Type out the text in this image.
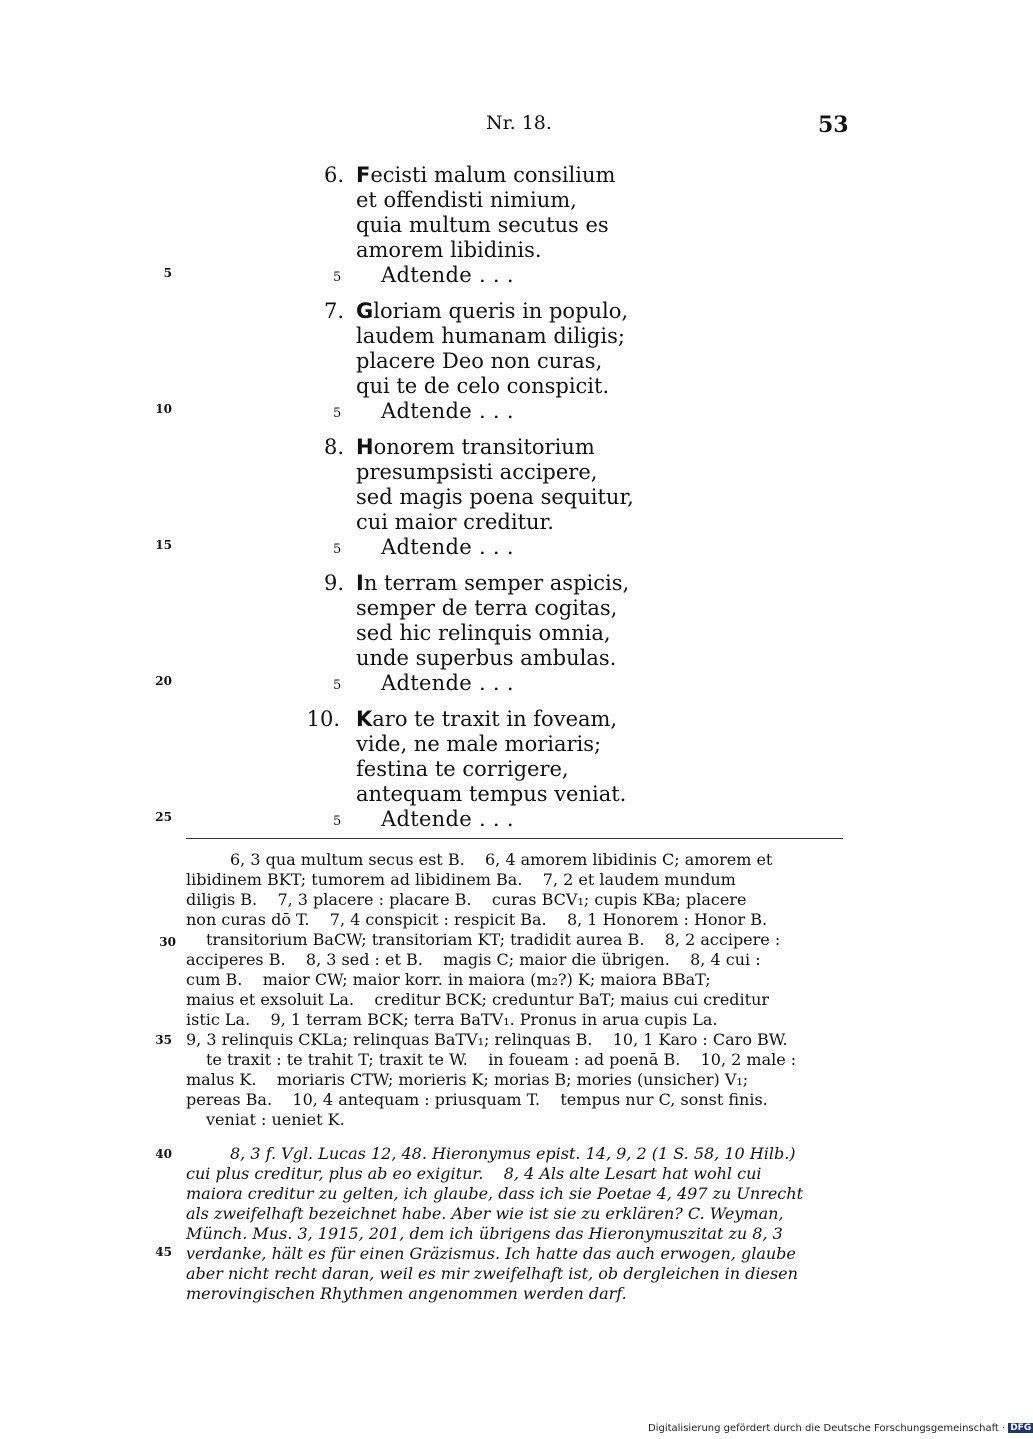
Nr. 18.	53
6. Fecisti malum consilium
et offendisti nimium,
quia multum secutus es
amorem libidinis.
5 Adtende . . .
7. Gloriam queris in populo,
laudem humanam diligis;
placere Deo non curas,
qui te de celo conspicit.
5 Adtende . . .
8. Honorem transitorium
presumpsisti accipere,
sed magis poena sequitur,
cui maior creditur.
5 Adtende . . .
9. In terram semper aspicis,
semper de terra cogitas,
sed hic relinquis omnia,
unde superbus ambulas.
5 Adtende . . .
10. Karo te traxit in foveam,
vide, ne male moriaris;
festina te corrigere,
antequam tempus veniat.
5 Adtende . . .
5
10
15
20
25
30
35
40
45
6, 3 qua multum secus est B.    6, 4 amorem libidinis C; amorem et
libidinem BKT; tumorem ad libidinem Ba.    7, 2 et laudem mundum
diligis B.    7, 3 placere : placare B.    curas BCV₁; cupis KBa; placere
non curas dō T.    7, 4 conspicit : respicit Ba.    8, 1 Honorem : Honor B.
transitorium BaCW; transitoriam KT; tradidit aurea B.    8, 2 accipere :
acciperes B.    8, 3 sed : et B.    magis C; maior die übrigen.    8, 4 cui :
cum B.    maior CW; maior korr. in maiora (m₂?) K; maiora BBaT;
maius et exsoluit La.    creditur BCK; creduntur BaT; maius cui creditur
istic La.    9, 1 terram BCK; terra BaTV₁. Pronus in arua cupis La.
9, 3 relinquis CKLa; relinquas BaTV₁; relinquas B.    10, 1 Karo : Caro BW.
te traxit : te trahit T; traxit te W.    in foueam : ad poenā B.    10, 2 male :
malus K.    moriaris CTW; morieris K; morias B; mories (unsicher) V₁;
pereas Ba.    10, 4 antequam : priusquam T.    tempus nur C, sonst finis.
veniat : ueniet K.
8, 3 f. Vgl. Lucas 12, 48. Hieronymus epist. 14, 9, 2 (1 S. 58, 10 Hilb.)
cui plus creditur, plus ab eo exigitur.    8, 4 Als alte Lesart hat wohl cui
maiora creditur zu gelten, ich glaube, dass ich sie Poetae 4, 497 zu Unrecht
als zweifelhaft bezeichnet habe. Aber wie ist sie zu erklären? C. Weyman,
Münch. Mus. 3, 1915, 201, dem ich übrigens das Hieronymuszitat zu 8, 3
verdanke, hält es für einen Gräzismus. Ich hatte das auch erwogen, glaube
aber nicht recht daran, weil es mir zweifelhaft ist, ob dergleichen in diesen
merovingischen Rhythmen angenommen werden darf.
Digitalisierung gefördert durch die Deutsche Forschungsgemeinschaft · DFG
